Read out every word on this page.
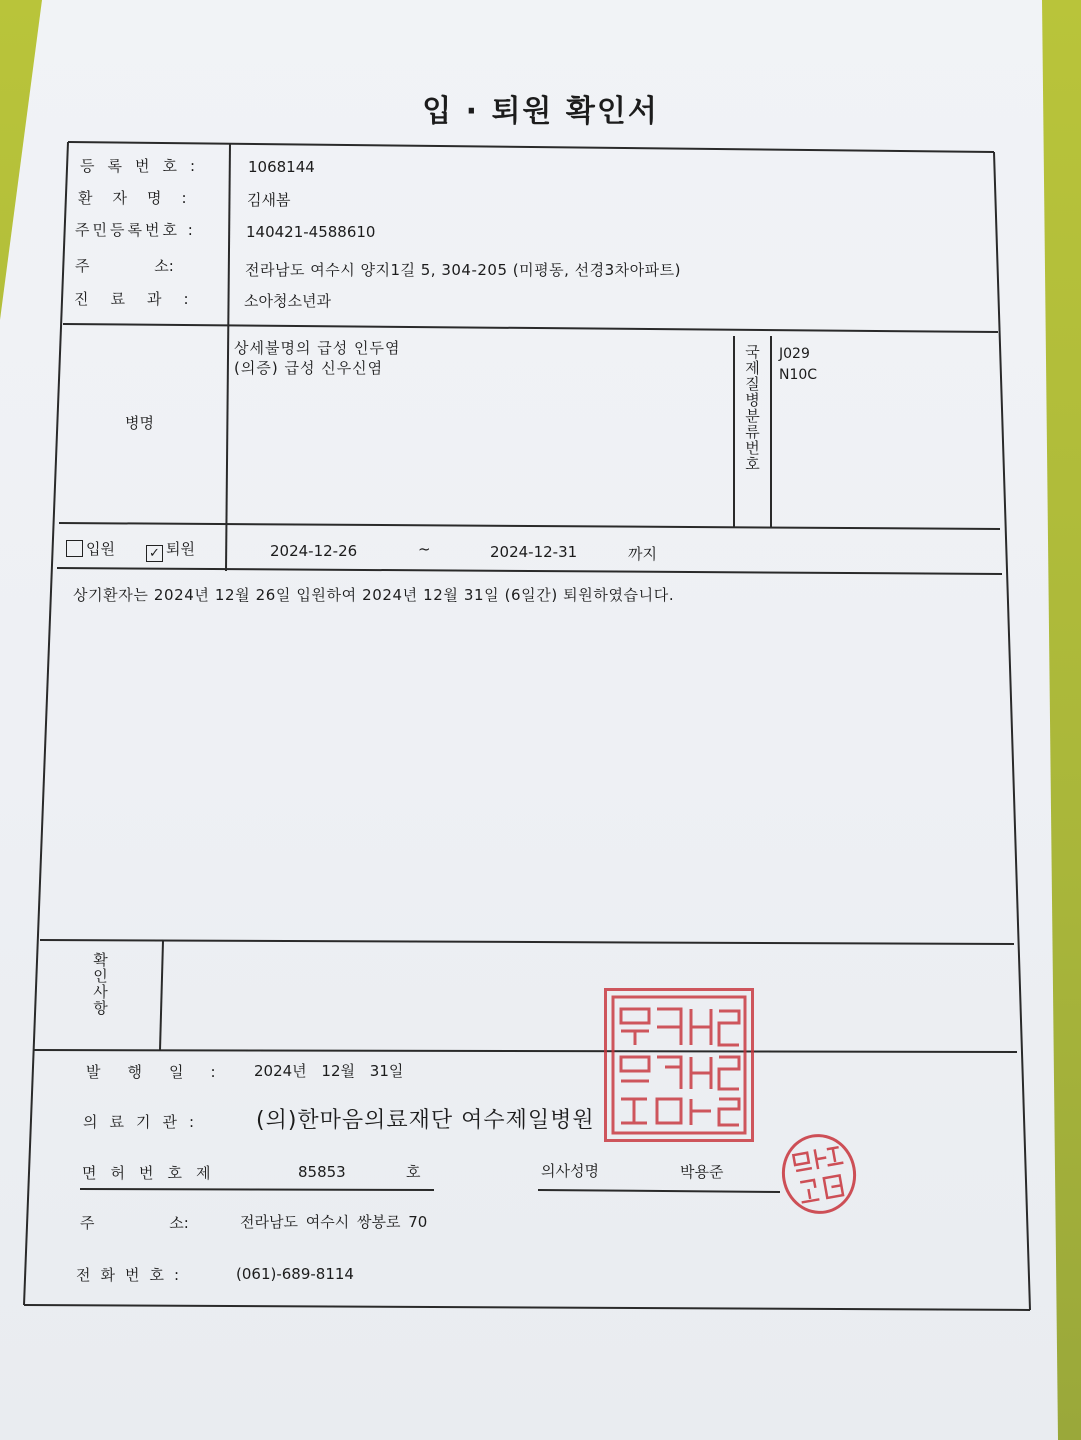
입 · 퇴원 확인서
등록번호:	1068144
환자명:	김새봄
주민등록번호 :	140421-4588610
주 소:	전라남도 여수시 양지1길 5, 304-205 (미평동, 선경3차아파트)
진료과: 소아청소년과
병명
상세불명의 급성 인두염
(의증) 급성 신우신염	국제질병분류번호 J029
N10C
입원	✓ 퇴원	2024-12-26	~	2024-12-31	까지
상기환자는 2024년 12월 26일 입원하여 2024년 12월 31일 (6일간) 퇴원하였습니다.
확인사항
발행일: 2024년 12월 31일
의료기관: (의)한마음의료재단 여수제일병원
면허번호제	85853	호	의사성명	박용준
주 소:	전라남도 여수시 쌍봉로 70
전화번호:	(061)-689-8114
